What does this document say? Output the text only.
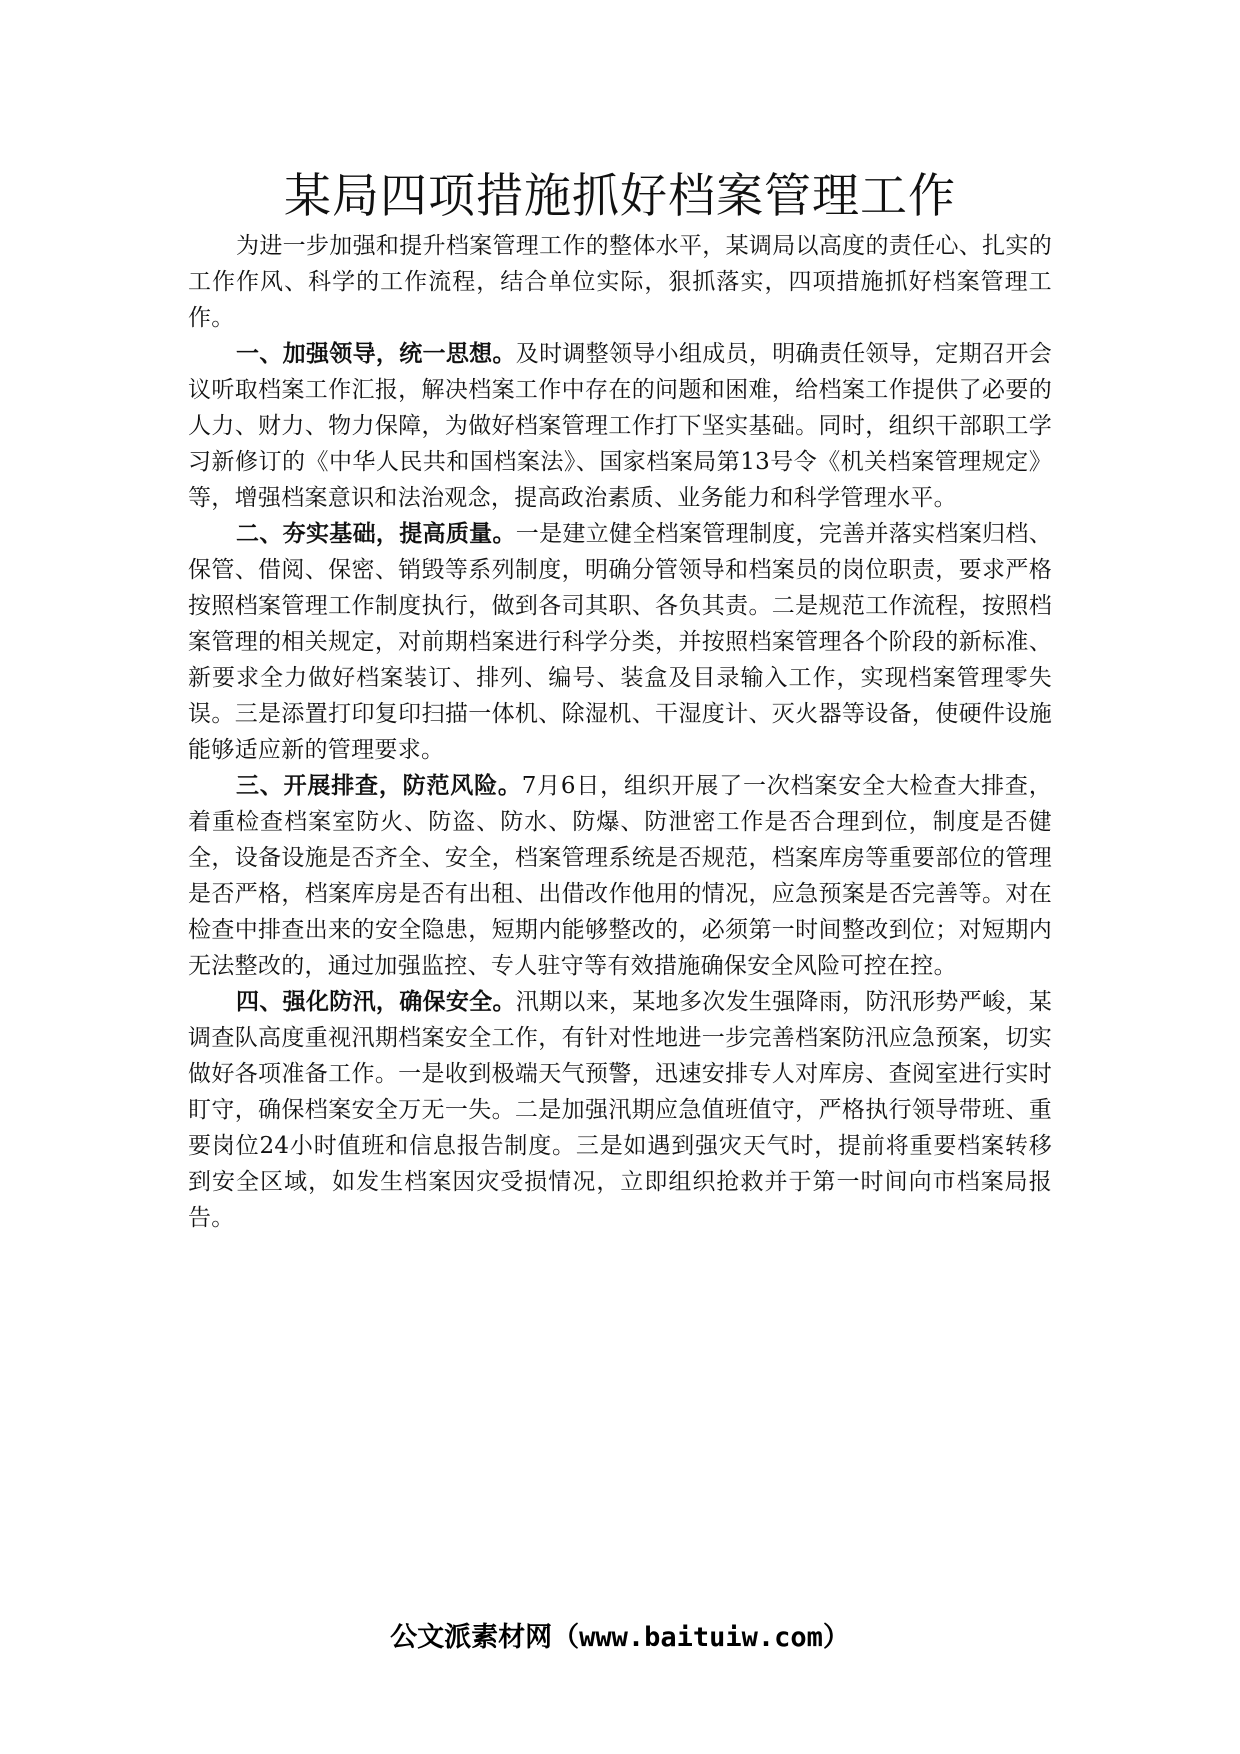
某局四项措施抓好档案管理工作

为进一步加强和提升档案管理工作的整体水平，某调局以高度的责任心、扎实的工作作风、科学的工作流程，结合单位实际，狠抓落实，四项措施抓好档案管理工作。

一、加强领导，统一思想。及时调整领导小组成员，明确责任领导，定期召开会议听取档案工作汇报，解决档案工作中存在的问题和困难，给档案工作提供了必要的人力、财力、物力保障，为做好档案管理工作打下坚实基础。同时，组织干部职工学习新修订的《中华人民共和国档案法》、国家档案局第13号令《机关档案管理规定》等，增强档案意识和法治观念，提高政治素质、业务能力和科学管理水平。

二、夯实基础，提高质量。一是建立健全档案管理制度，完善并落实档案归档、保管、借阅、保密、销毁等系列制度，明确分管领导和档案员的岗位职责，要求严格按照档案管理工作制度执行，做到各司其职、各负其责。二是规范工作流程，按照档案管理的相关规定，对前期档案进行科学分类，并按照档案管理各个阶段的新标准、新要求全力做好档案装订、排列、编号、装盒及目录输入工作，实现档案管理零失误。三是添置打印复印扫描一体机、除湿机、干湿度计、灭火器等设备，使硬件设施能够适应新的管理要求。

三、开展排查，防范风险。7月6日，组织开展了一次档案安全大检查大排查，着重检查档案室防火、防盗、防水、防爆、防泄密工作是否合理到位，制度是否健全，设备设施是否齐全、安全，档案管理系统是否规范，档案库房等重要部位的管理是否严格，档案库房是否有出租、出借改作他用的情况，应急预案是否完善等。对在检查中排查出来的安全隐患，短期内能够整改的，必须第一时间整改到位；对短期内无法整改的，通过加强监控、专人驻守等有效措施确保安全风险可控在控。

四、强化防汛，确保安全。汛期以来，某地多次发生强降雨，防汛形势严峻，某调查队高度重视汛期档案安全工作，有针对性地进一步完善档案防汛应急预案，切实做好各项准备工作。一是收到极端天气预警，迅速安排专人对库房、查阅室进行实时盯守，确保档案安全万无一失。二是加强汛期应急值班值守，严格执行领导带班、重要岗位24小时值班和信息报告制度。三是如遇到强灾天气时，提前将重要档案转移到安全区域，如发生档案因灾受损情况，立即组织抢救并于第一时间向市档案局报告。

公文派素材网（www.baituiw.com）
